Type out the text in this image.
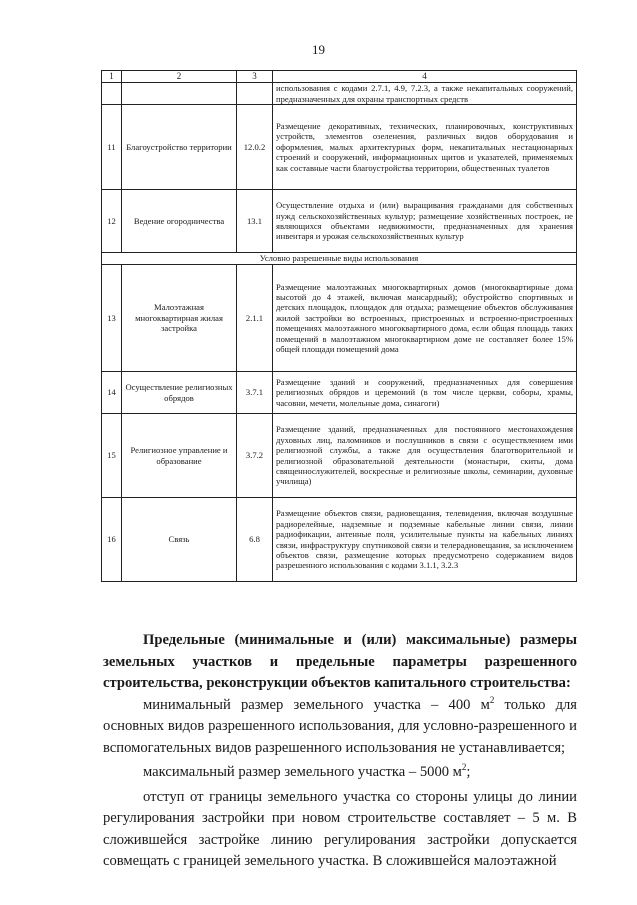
19
1	2	3	4
			использования с кодами 2.7.1, 4.9, 7.2.3, а также некапитальных сооружений, предназначенных для охраны транспортных средств
11	Благоустройство территории	12.0.2	Размещение декоративных, технических, планировочных, конструктивных устройств, элементов озеленения, различных видов оборудования и оформления, малых архитектурных форм, некапитальных нестационарных строений и сооружений, информационных щитов и указателей, применяемых как составные части благоустройства территории, общественных туалетов
12	Ведение огородничества	13.1	Осуществление отдыха и (или) выращивания гражданами для собственных нужд сельскохозяйственных культур; размещение хозяйственных построек, не являющихся объектами недвижимости, предназначенных для хранения инвентаря и урожая сельскохозяйственных культур
Условно разрешенные виды использования			
13	Малоэтажная многоквартирная жилая застройка	2.1.1	Размещение малоэтажных многоквартирных домов (многоквартирные дома высотой до 4 этажей, включая мансардный); обустройство спортивных и детских площадок, площадок для отдыха; размещение объектов обслуживания жилой застройки во встроенных, пристроенных и встроенно-пристроенных помещениях малоэтажного многоквартирного дома, если общая площадь таких помещений в малоэтажном многоквартирном доме не составляет более 15% общей площади помещений дома
14	Осуществление религиозных обрядов	3.7.1	Размещение зданий и сооружений, предназначенных для совершения религиозных обрядов и церемоний (в том числе церкви, соборы, храмы, часовни, мечети, молельные дома, синагоги)
15	Религиозное управление и образование	3.7.2	Размещение зданий, предназначенных для постоянного местонахождения духовных лиц, паломников и послушников в связи с осуществлением ими религиозной службы, а также для осуществления благотворительной и религиозной образовательной деятельности (монастыри, скиты, дома священнослужителей, воскресные и религиозные школы, семинарии, духовные училища)
16	Связь	6.8	Размещение объектов связи, радиовещания, телевидения, включая воздушные радиорелейные, надземные и подземные кабельные линии связи, линии радиофикации, антенные поля, усилительные пункты на кабельных линиях связи, инфраструктуру спутниковой связи и телерадиовещания, за исключением объектов связи, размещение которых предусмотрено содержанием видов разрешенного использования с кодами 3.1.1, 3.2.3

Предельные (минимальные и (или) максимальные) размеры земельных участков и предельные параметры разрешенного строительства, реконструкции объектов капитального строительства:

минимальный размер земельного участка – 400 $м^2$ только для основных видов разрешенного использования, для условно-разрешенного и вспомогательных видов разрешенного использования не устанавливается;

максимальный размер земельного участка – 5000 $м^2$;

отступ от границы земельного участка со стороны улицы до линии регулирования застройки при новом строительстве составляет – 5 м. В сложившейся застройке линию регулирования застройки допускается совмещать с границей земельного участка. В сложившейся малоэтажной
